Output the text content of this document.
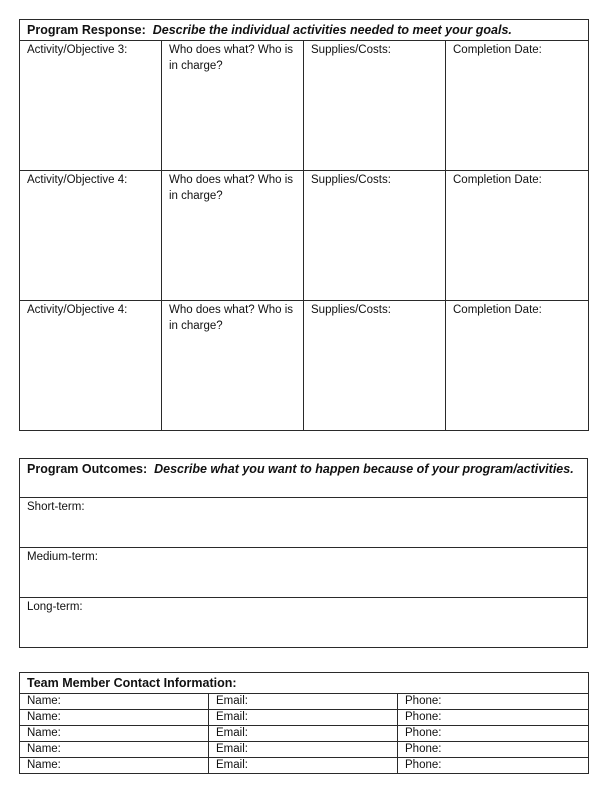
Program Response: Describe the individual activities needed to meet your goals.			
Activity/Objective 3:	Who does what? Who is in charge?	Supplies/Costs:	Completion Date:
Activity/Objective 4:	Who does what? Who is in charge?	Supplies/Costs:	Completion Date:
Activity/Objective 4:	Who does what? Who is in charge?	Supplies/Costs:	Completion Date:
Program Outcomes: Describe what you want to happen because of your program/activities.
Short-term:
Medium-term:
Long-term:
Team Member Contact Information:		
Name:	Email:	Phone:
Name:	Email:	Phone:
Name:	Email:	Phone:
Name:	Email:	Phone:
Name:	Email:	Phone:
